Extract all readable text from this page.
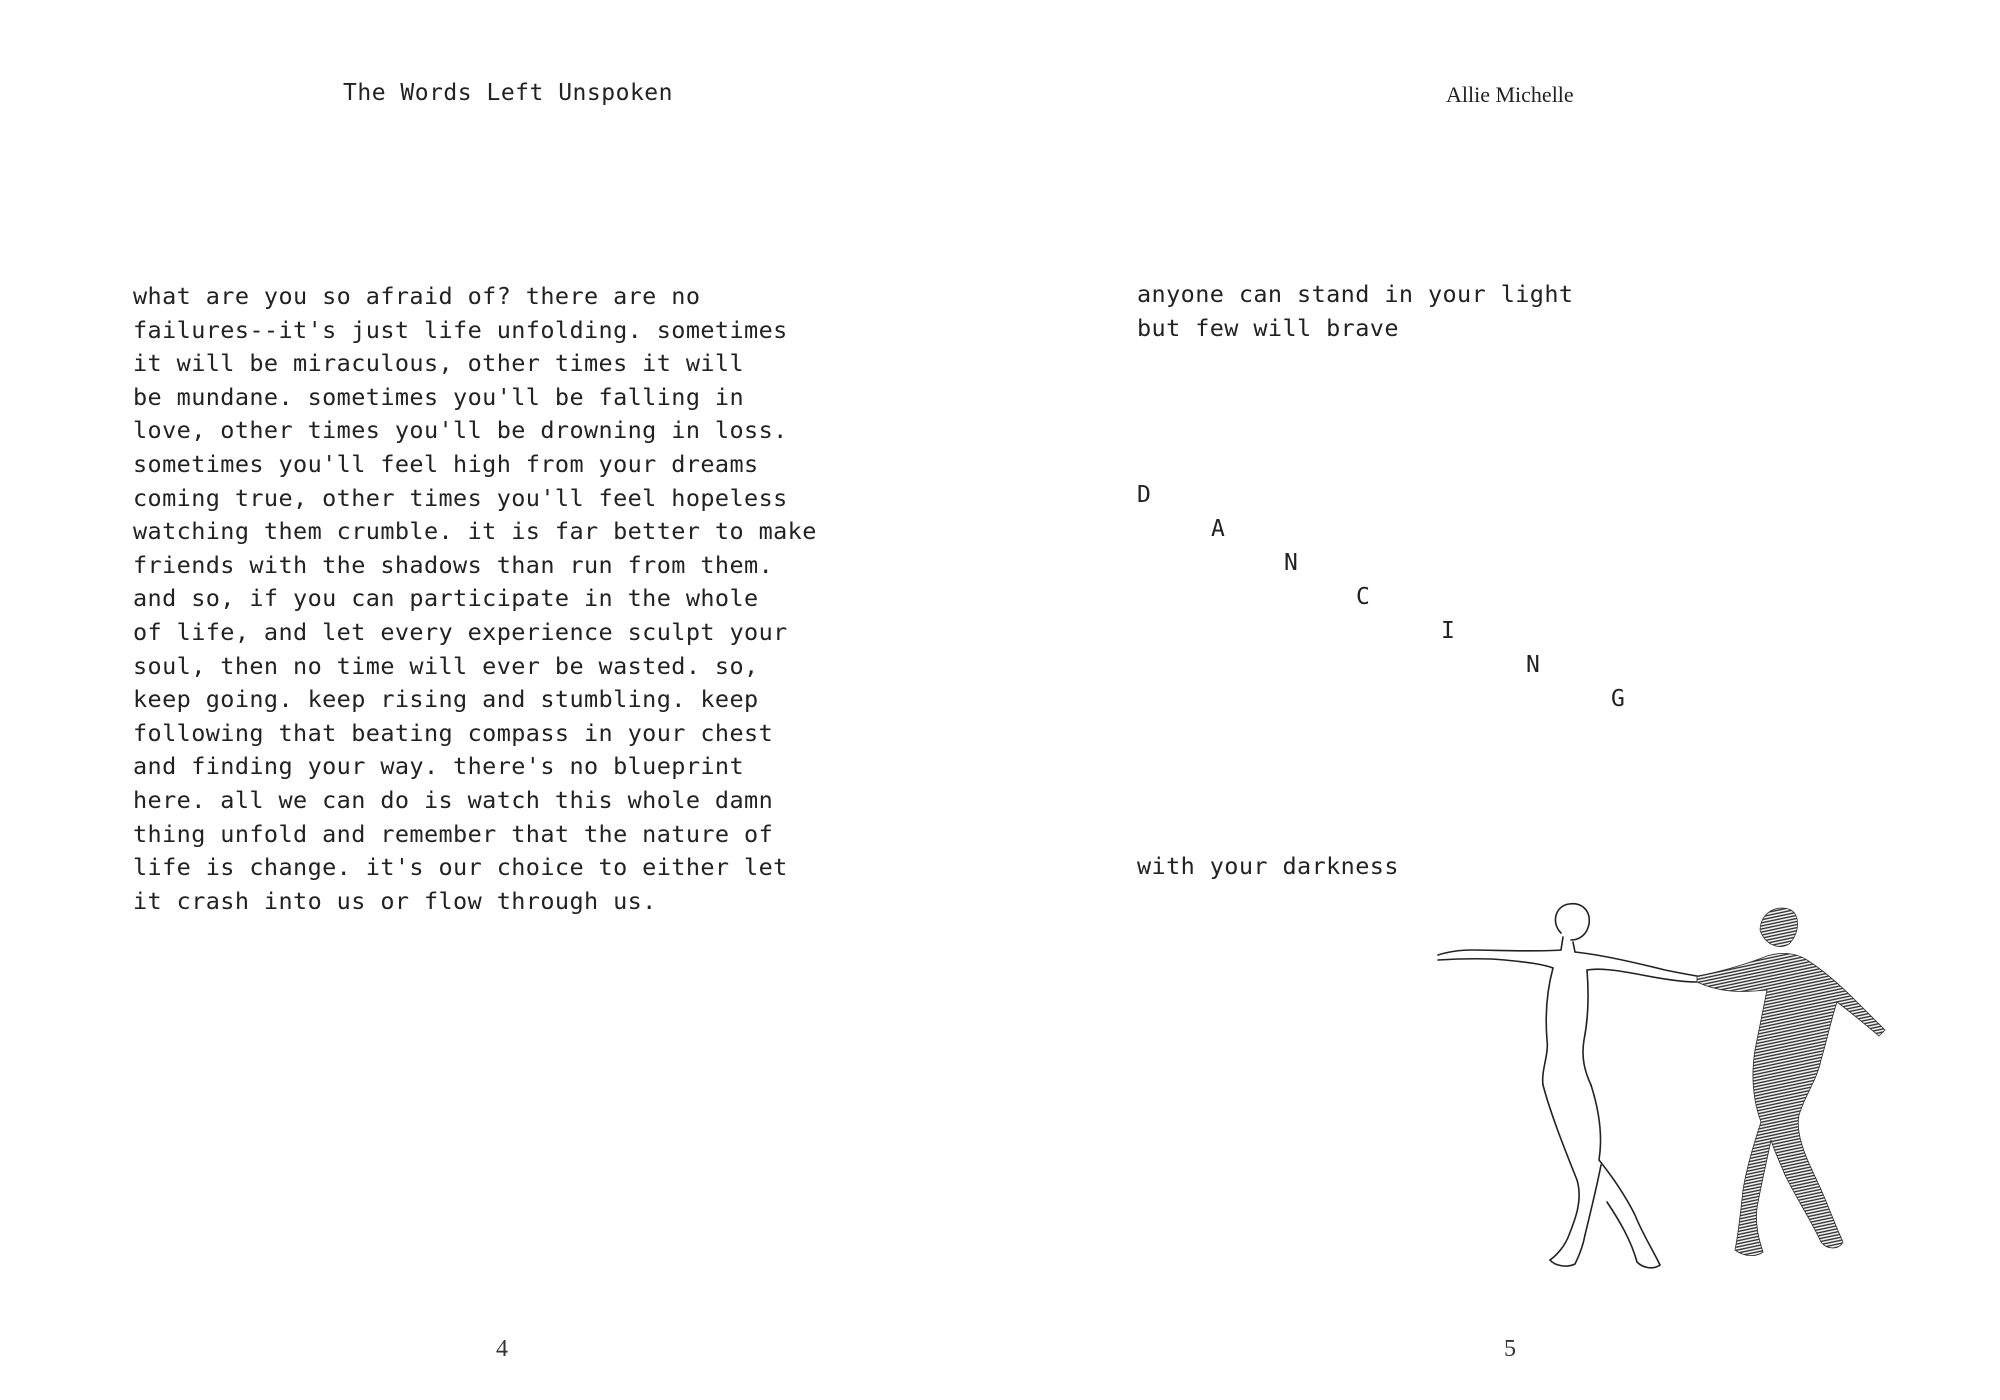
The Words Left Unspoken
what are you so afraid of? there are no
failures--it's just life unfolding. sometimes
it will be miraculous, other times it will
be mundane. sometimes you'll be falling in
love, other times you'll be drowning in loss.
sometimes you'll feel high from your dreams
coming true, other times you'll feel hopeless
watching them crumble. it is far better to make
friends with the shadows than run from them.
and so, if you can participate in the whole
of life, and let every experience sculpt your
soul, then no time will ever be wasted. so,
keep going. keep rising and stumbling. keep
following that beating compass in your chest
and finding your way. there's no blueprint
here. all we can do is watch this whole damn
thing unfold and remember that the nature of
life is change. it's our choice to either let
it crash into us or flow through us.
4
Allie Michelle
anyone can stand in your light
but few will brave
D
A
N
C
I
N
G
with your darkness
5
